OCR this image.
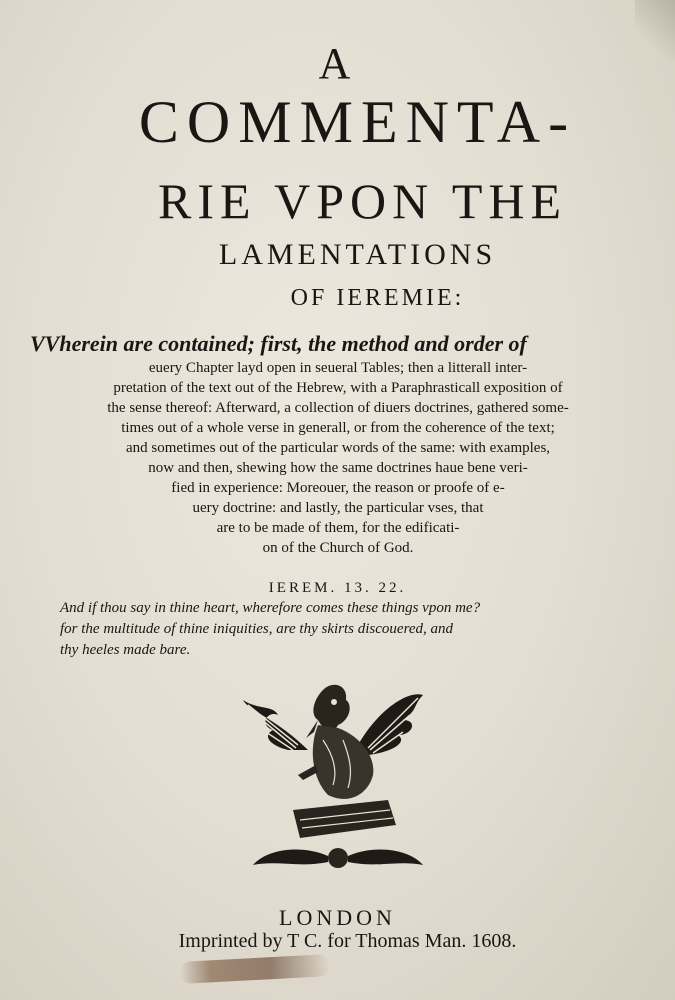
A
COMMENTA-
RIE VPON THE
LAMENTATIONS
OF IEREMIE:
VVherein are contained; first, the method and order of
euery Chapter layd open in seueral Tables; then a litterall inter-
pretation of the text out of the Hebrew, with a Paraphrasticall exposition of
the sense thereof: Afterward, a collection of diuers doctrines, gathered some-
times out of a whole verse in generall, or from the coherence of the text;
and sometimes out of the particular words of the same: with examples,
now and then, shewing how the same doctrines haue bene veri-
fied in experience: Moreouer, the reason or proofe of e-
uery doctrine: and lastly, the particular vses, that
are to be made of them, for the edificati-
on of the Church of God.
IEREM. 13. 22.
And if thou say in thine heart, wherefore comes these things vpon me?
for the multitude of thine iniquities, are thy skirts discouered, and
thy heeles made bare.
LONDON
Imprinted by T C. for Thomas Man. 1608.
